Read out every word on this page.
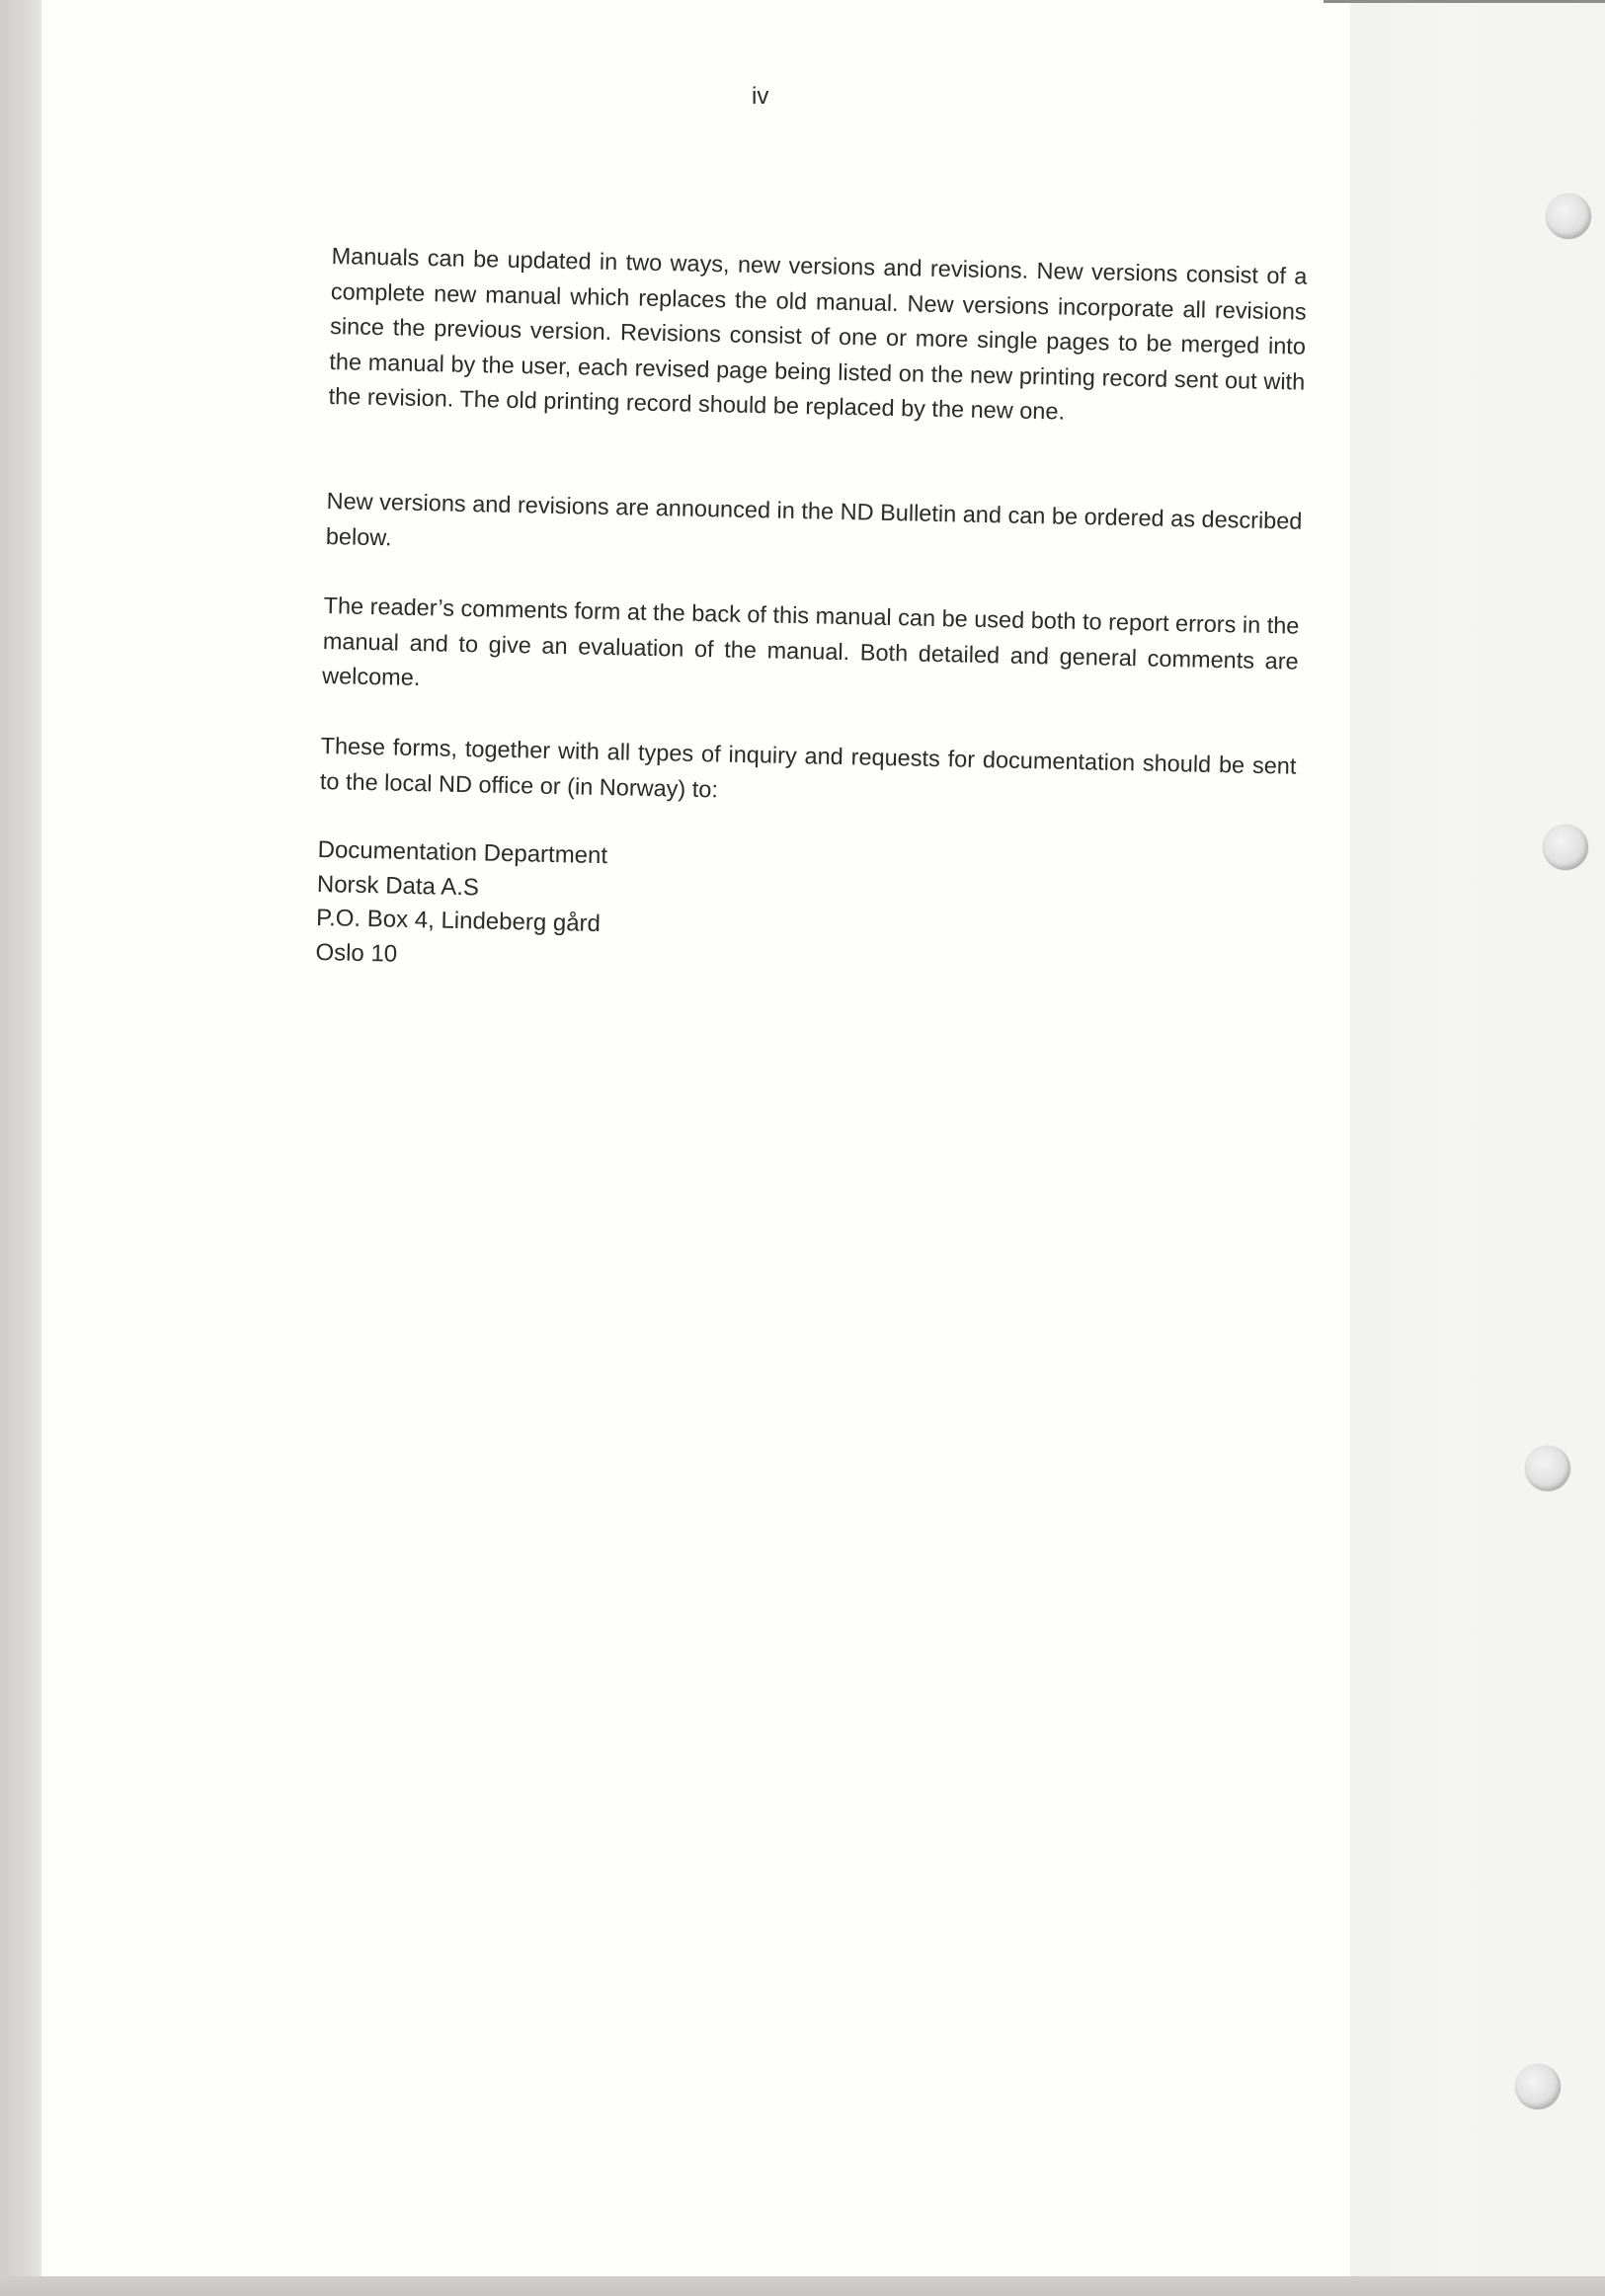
iv

Manuals can be updated in two ways, new versions and revisions. New versions consist of a complete new manual which replaces the old manual. New versions incorporate all revisions since the previous version. Revisions consist of one or more single pages to be merged into the manual by the user, each revised page being listed on the new printing record sent out with the revision. The old printing record should be replaced by the new one.

New versions and revisions are announced in the ND Bulletin and can be ordered as described below.

The reader’s comments form at the back of this manual can be used both to report errors in the manual and to give an evaluation of the manual. Both detailed and general comments are welcome.

These forms, together with all types of inquiry and requests for documentation should be sent to the local ND office or (in Norway) to:

Documentation Department

Norsk Data A.S

P.O. Box 4, Lindeberg gård

Oslo 10
